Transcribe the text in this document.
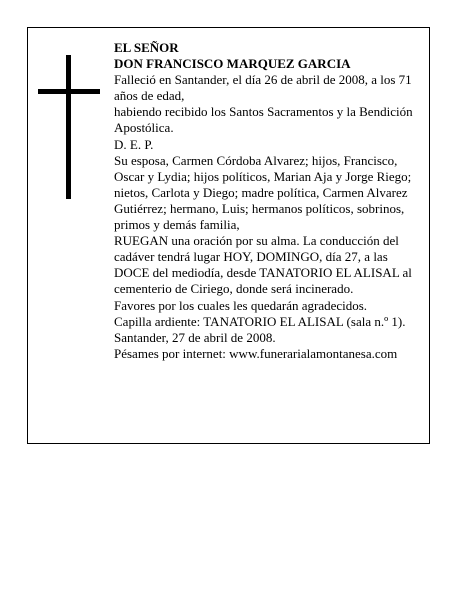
EL SEÑOR

DON FRANCISCO MARQUEZ GARCIA

Falleció en Santander, el día 26 de abril de 2008, a los 71 años de edad,

habiendo recibido los Santos Sacramentos y la Bendición Apostólica.

D. E. P.

Su esposa, Carmen Córdoba Alvarez; hijos, Francisco, Oscar y Lydia; hijos políticos, Marian Aja y Jorge Riego; nietos, Carlota y Diego; madre política, Carmen Alvarez Gutiérrez; hermano, Luis; hermanos políticos, sobrinos, primos y demás familia,

RUEGAN una oración por su alma. La conducción del cadáver tendrá lugar HOY, DOMINGO, día 27, a las DOCE del mediodía, desde TANATORIO EL ALISAL al cementerio de Ciriego, donde será incinerado.

Favores por los cuales les quedarán agradecidos.

Capilla ardiente: TANATORIO EL ALISAL (sala n.º 1).

Santander, 27 de abril de 2008.

Pésames por internet: www.funerarialamontanesa.com
